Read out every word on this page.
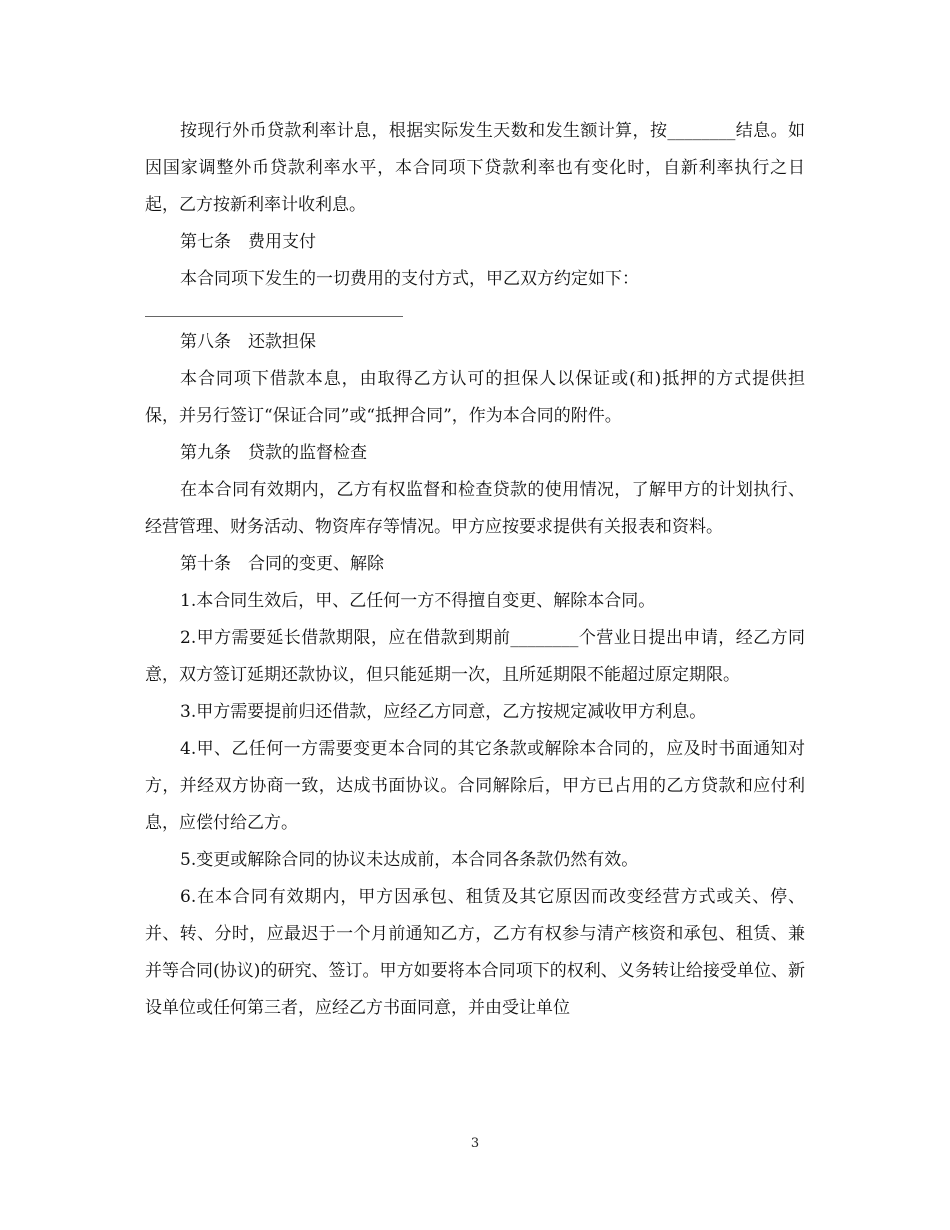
按现行外币贷款利率计息，根据实际发生天数和发生额计算，按________结息。如因国家调整外币贷款利率水平，本合同项下贷款利率也有变化时，自新利率执行之日起，乙方按新利率计收利息。

第七条　费用支付

本合同项下发生的一切费用的支付方式，甲乙双方约定如下：

第八条　还款担保

本合同项下借款本息，由取得乙方认可的担保人以保证或(和)抵押的方式提供担保，并另行签订“保证合同”或“抵押合同”，作为本合同的附件。

第九条　贷款的监督检查

在本合同有效期内，乙方有权监督和检查贷款的使用情况，了解甲方的计划执行、经营管理、财务活动、物资库存等情况。甲方应按要求提供有关报表和资料。

第十条　合同的变更、解除

1.本合同生效后，甲、乙任何一方不得擅自变更、解除本合同。

2.甲方需要延长借款期限，应在借款到期前________个营业日提出申请，经乙方同意，双方签订延期还款协议，但只能延期一次，且所延期限不能超过原定期限。

3.甲方需要提前归还借款，应经乙方同意，乙方按规定减收甲方利息。

4.甲、乙任何一方需要变更本合同的其它条款或解除本合同的，应及时书面通知对方，并经双方协商一致，达成书面协议。合同解除后，甲方已占用的乙方贷款和应付利息，应偿付给乙方。

5.变更或解除合同的协议未达成前，本合同各条款仍然有效。

6.在本合同有效期内，甲方因承包、租赁及其它原因而改变经营方式或关、停、并、转、分时，应最迟于一个月前通知乙方，乙方有权参与清产核资和承包、租赁、兼并等合同(协议)的研究、签订。甲方如要将本合同项下的权利、义务转让给接受单位、新设单位或任何第三者，应经乙方书面同意，并由受让单位

3
